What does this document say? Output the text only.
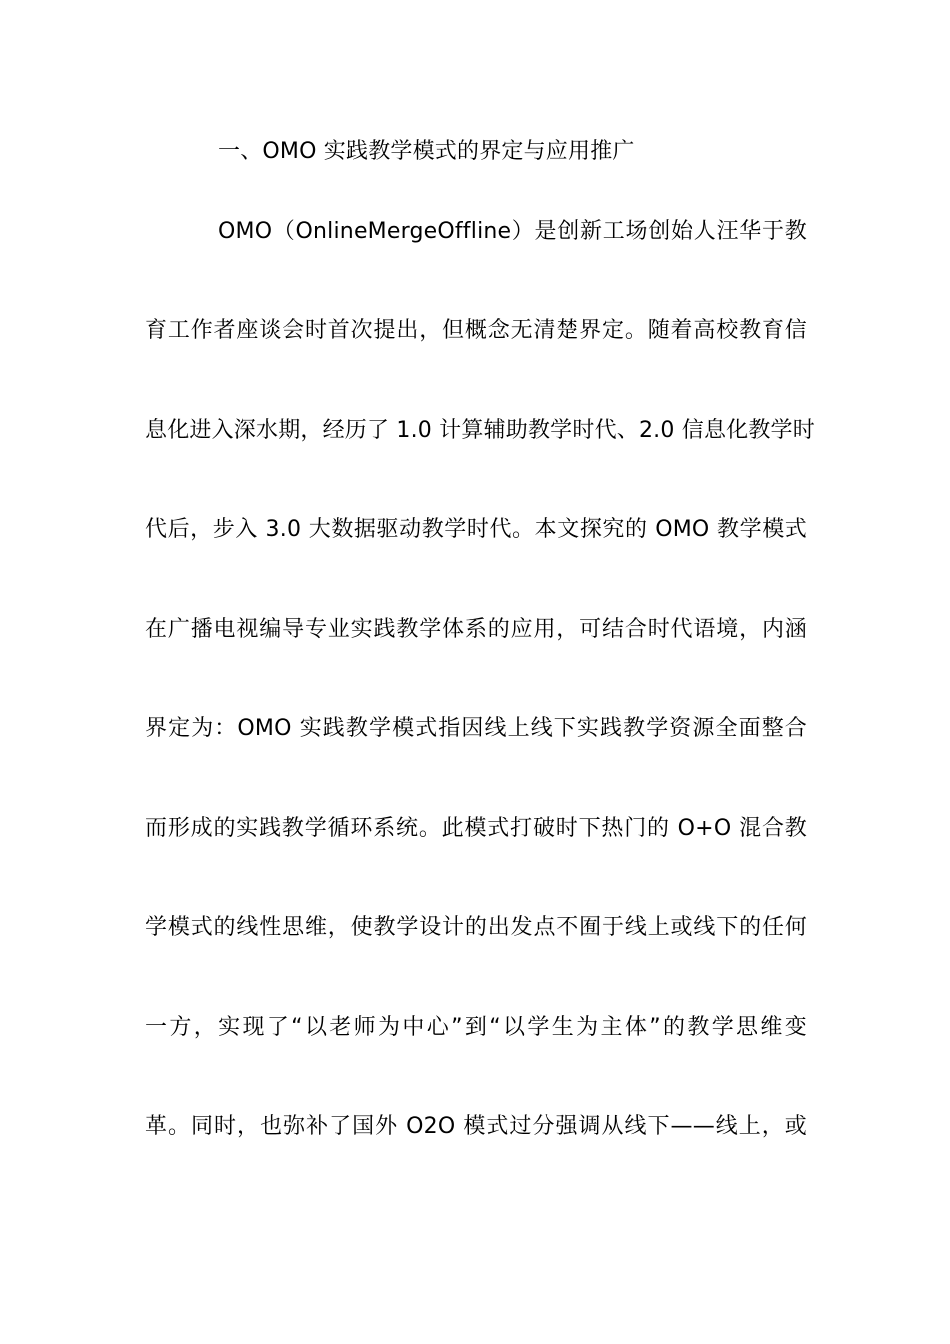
一、OMO 实践教学模式的界定与应用推广
OMO（OnlineMergeOffline）是创新工场创始人汪华于教
育工作者座谈会时首次提出，但概念无清楚界定。随着高校教育信
息化进入深水期，经历了 1.0 计算辅助教学时代、2.0 信息化教学时
代后，步入 3.0 大数据驱动教学时代。本文探究的 OMO 教学模式
在广播电视编导专业实践教学体系的应用，可结合时代语境，内涵
界定为：OMO 实践教学模式指因线上线下实践教学资源全面整合
而形成的实践教学循环系统。此模式打破时下热门的 O+O 混合教
学模式的线性思维，使教学设计的出发点不囿于线上或线下的任何
一方，实现了“以老师为中心”到“以学生为主体”的教学思维变
革。同时，也弥补了国外 O2O 模式过分强调从线下——线上，或
